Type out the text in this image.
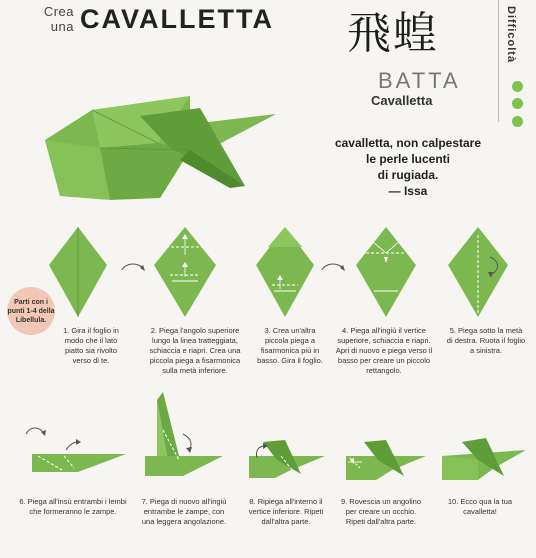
Crea una CAVALLETTA 飛蝗
BATTA
Cavalletta
Difficoltà
cavalletta, non calpestare
le perle lucenti
di rugiada.
— Issa
Parti con i punti 1-4 della Libellula.
1. Gira il foglio in modo che il lato piatto sia rivolto verso di te.
2. Piega l'angolo superiore lungo la linea tratteggiata, schiaccia e riapri. Crea una piccola piega a fisarmonica sulla metà inferiore.
3. Crea un'altra piccola piega a fisarmonica più in basso. Gira il foglio.
4. Piega all'ingiù il vertice superiore, schiaccia e riapri. Apri di nuovo e piega verso il basso per creare un piccolo rettangolo.
5. Piega sotto la metà di destra. Ruota il foglio a sinistra.
6. Piega all'insù entrambi i lembi che formeranno le zampe.
7. Piega di nuovo all'ingiù entrambe le zampe, con una leggera angolazione.
8. Ripiega all'interno il vertice inferiore. Ripeti dall'altra parte.
9. Rovescia un angolino per creare un occhio. Ripeti dall'altra parte.
10. Ecco qua la tua cavalletta!
